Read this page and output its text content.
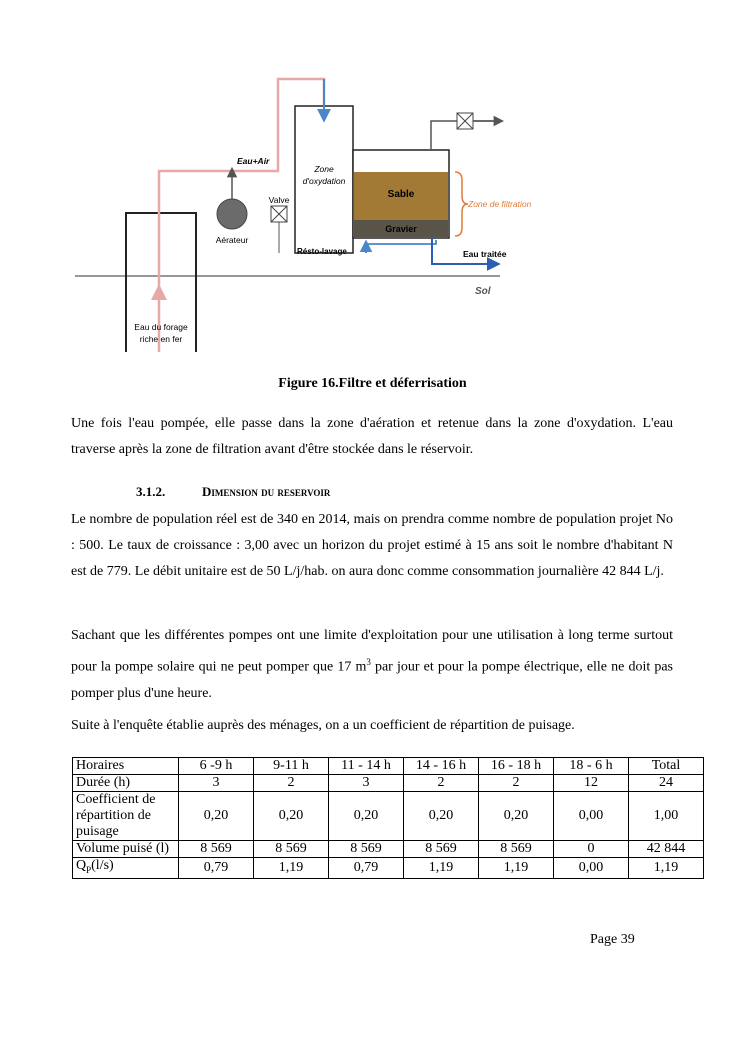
Eau+Air
Zone
d'oxydation
Valve
Aérateur
Sable
Gravier
Zone de filtration
Résto-lavage	Eau traitée
Sol
Eau du forage
riche en fer
Figure 16.Filtre et déferrisation

Une fois l'eau pompée, elle passe dans la zone d'aération et retenue dans la zone d'oxydation. L'eau traverse après la zone de filtration avant d'être stockée dans le réservoir.

3.1.2.	Dimension du reservoir

Le nombre de population réel est de 340 en 2014, mais on prendra comme nombre de population projet No : 500. Le taux de croissance : 3,00 avec un horizon du projet estimé à 15 ans soit le nombre d'habitant N est de 779. Le débit unitaire est de 50 L/j/hab. on aura donc comme consommation journalière 42 844 L/j.

Sachant que les différentes pompes ont une limite d'exploitation pour une utilisation à long terme surtout pour la pompe solaire qui ne peut pomper que 17 $m^3$ par jour et pour la pompe électrique, elle ne doit pas pomper plus d'une heure.

Suite à l'enquête établie auprès des ménages, on a un coefficient de répartition de puisage.

Horaires	6 -9 h	9-11 h	11 - 14 h	14 - 16 h	16 - 18 h	18 - 6 h	Total
Durée (h)	3	2	3	2	2	12	24
Coefficient de répartition de puisage	0,20	0,20	0,20	0,20	0,20	0,00	1,00
Volume puisé (l)	8 569	8 569	8 569	8 569	8 569	0	42 844
$Q_P(l/s)$	0,79	1,19	0,79	1,19	1,19	0,00	1,19
Page 39
